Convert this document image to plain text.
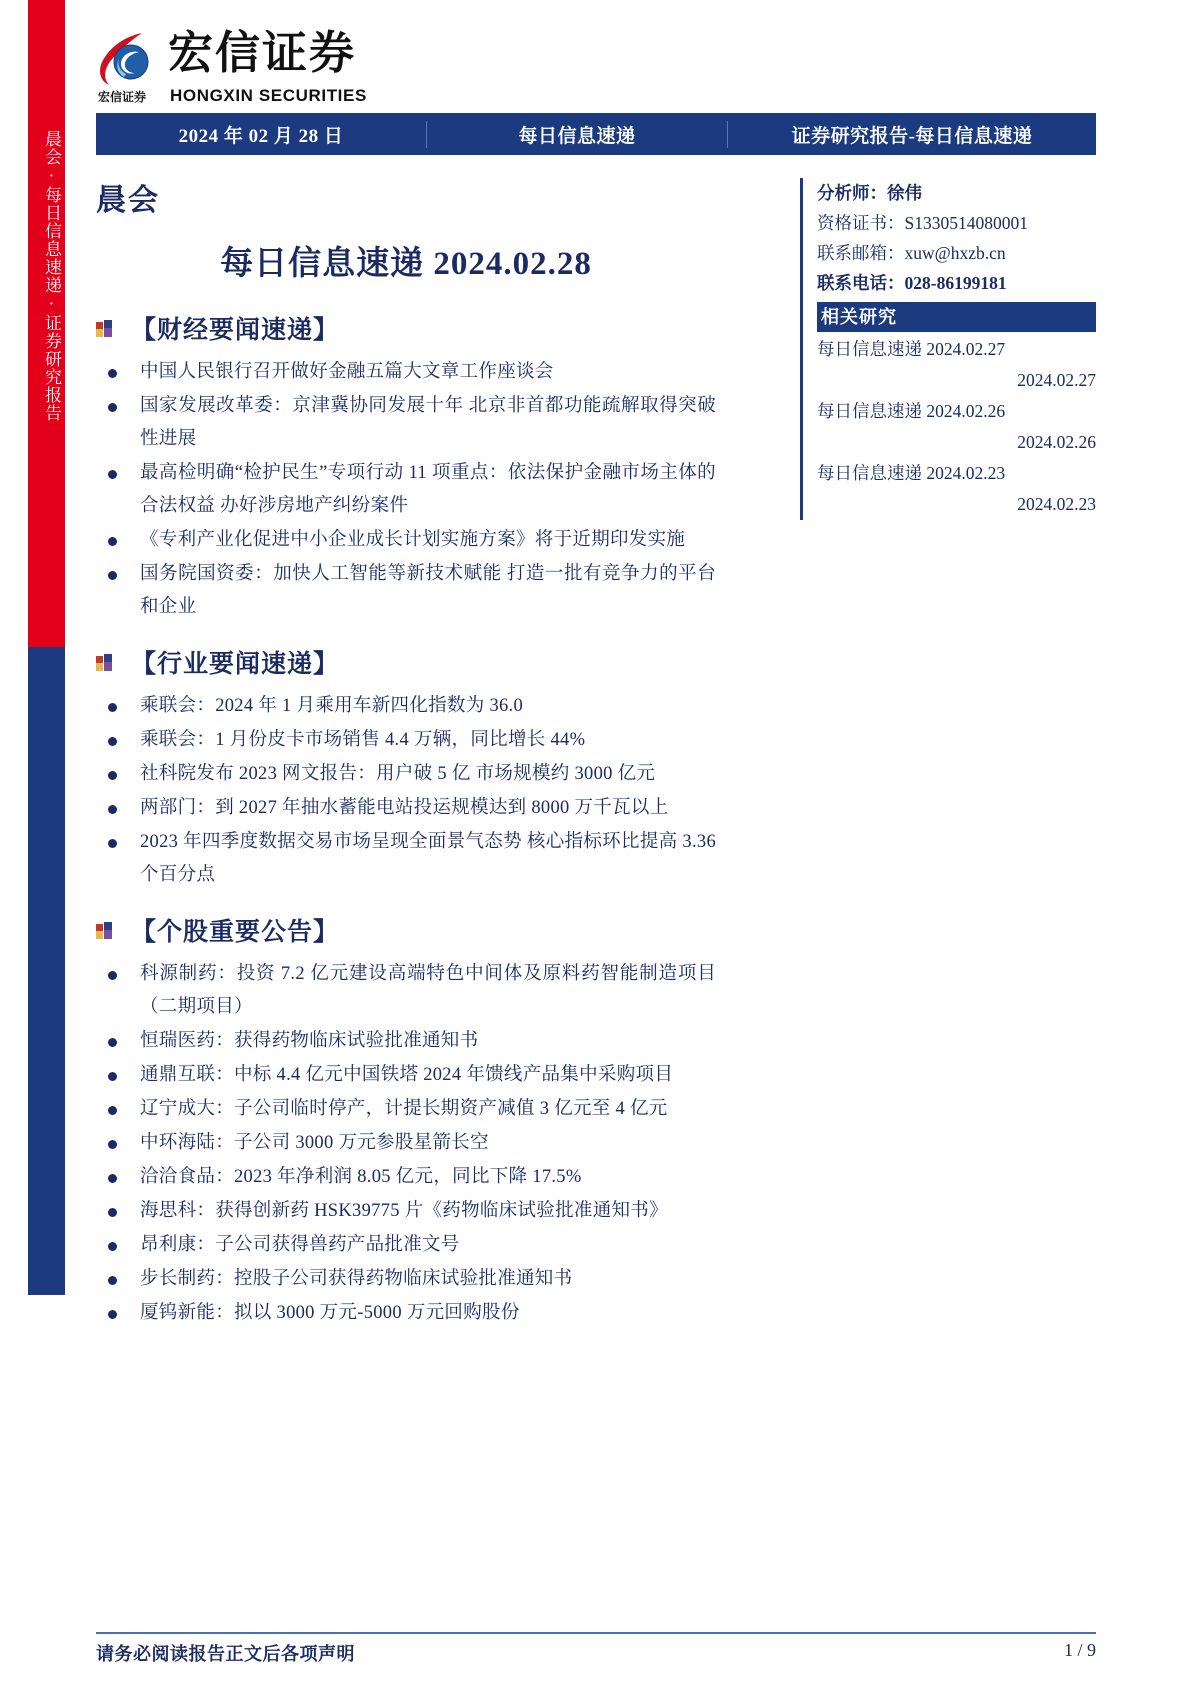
晨会·每日信息速递·证券研究报告
宏信证券
宏信证券 HONGXIN SECURITIES
2024 年 02 月 28 日	每日信息速递	证券研究报告-每日信息速递
晨会
每日信息速递 2024.02.28
【财经要闻速递】
中国人民银行召开做好金融五篇大文章工作座谈会
国家发展改革委：京津冀协同发展十年 北京非首都功能疏解取得突破性进展
最高检明确“检护民生”专项行动 11 项重点：依法保护金融市场主体的合法权益 办好涉房地产纠纷案件
《专利产业化促进中小企业成长计划实施方案》将于近期印发实施
国务院国资委：加快人工智能等新技术赋能 打造一批有竞争力的平台和企业
【行业要闻速递】
乘联会：2024 年 1 月乘用车新四化指数为 36.0
乘联会：1 月份皮卡市场销售 4.4 万辆，同比增长 44%
社科院发布 2023 网文报告：用户破 5 亿 市场规模约 3000 亿元
两部门：到 2027 年抽水蓄能电站投运规模达到 8000 万千瓦以上
2023 年四季度数据交易市场呈现全面景气态势 核心指标环比提高 3.36 个百分点
【个股重要公告】
科源制药：投资 7.2 亿元建设高端特色中间体及原料药智能制造项目（二期项目）
恒瑞医药：获得药物临床试验批准通知书
通鼎互联：中标 4.4 亿元中国铁塔 2024 年馈线产品集中采购项目
辽宁成大：子公司临时停产，计提长期资产减值 3 亿元至 4 亿元
中环海陆：子公司 3000 万元参股星箭长空
洽洽食品：2023 年净利润 8.05 亿元，同比下降 17.5%
海思科：获得创新药 HSK39775 片《药物临床试验批准通知书》
昂利康：子公司获得兽药产品批准文号
步长制药：控股子公司获得药物临床试验批准通知书
厦钨新能：拟以 3000 万元-5000 万元回购股份
分析师：徐伟
资格证书：S1330514080001
联系邮箱：xuw@hxzb.cn
联系电话：028-86199181
相关研究
每日信息速递 2024.02.27
2024.02.27
每日信息速递 2024.02.26
2024.02.26
每日信息速递 2024.02.23
2024.02.23
请务必阅读报告正文后各项声明	1 / 9
